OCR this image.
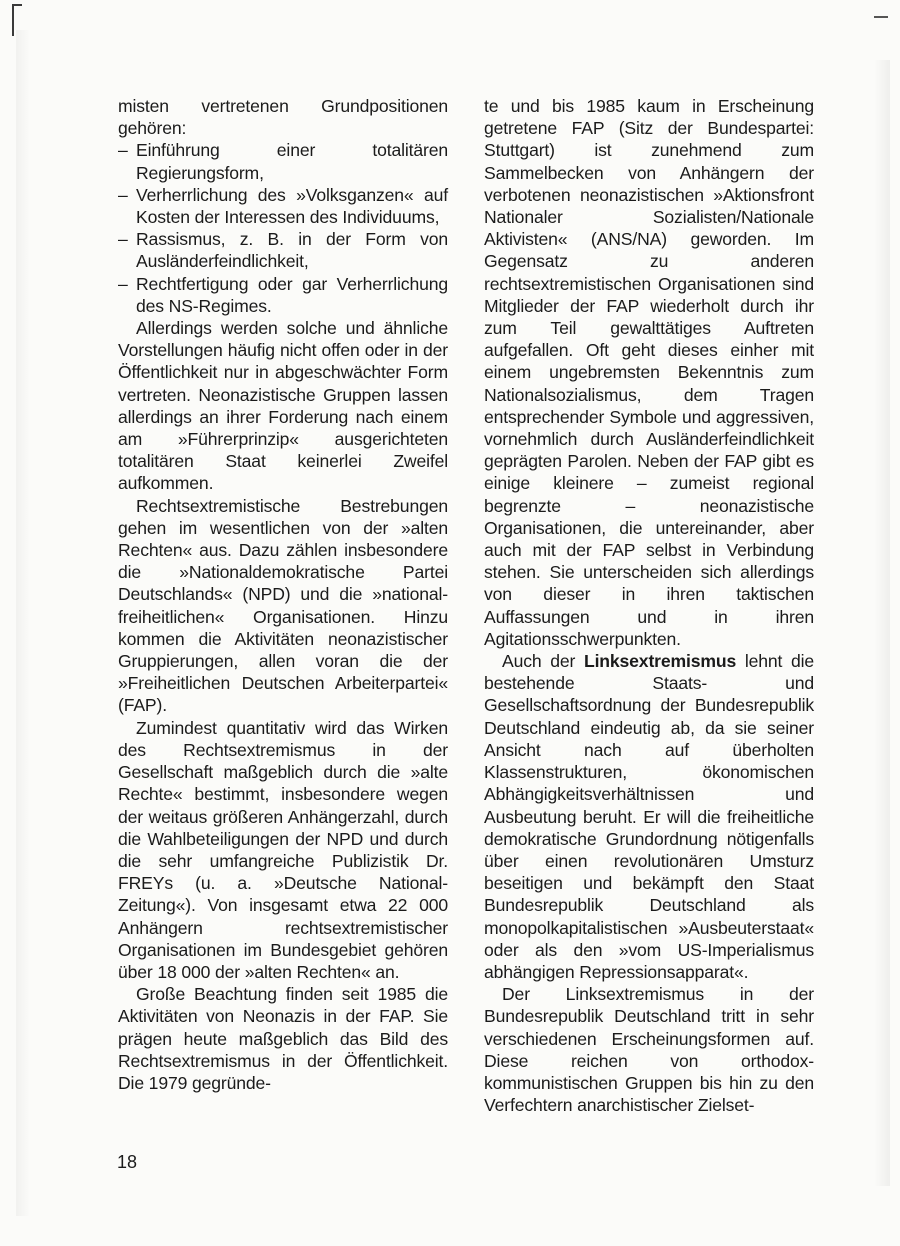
misten vertretenen Grundpositionen gehören:

– Einführung einer totalitären Regierungsform,

– Verherrlichung des »Volksganzen« auf Kosten der Interessen des Individuums,

– Rassismus, z. B. in der Form von Ausländerfeindlichkeit,

– Rechtfertigung oder gar Verherrlichung des NS-Regimes.

Allerdings werden solche und ähnliche Vorstellungen häufig nicht offen oder in der Öffentlichkeit nur in abgeschwächter Form vertreten. Neonazistische Gruppen lassen allerdings an ihrer Forderung nach einem am »Führerprinzip« ausgerichteten totalitären Staat keinerlei Zweifel aufkommen.

Rechtsextremistische Bestrebungen gehen im wesentlichen von der »alten Rechten« aus. Dazu zählen insbesondere die »Nationaldemokratische Partei Deutschlands« (NPD) und die »national-freiheitlichen« Organisationen. Hinzu kommen die Aktivitäten neonazistischer Gruppierungen, allen voran die der »Freiheitlichen Deutschen Arbeiterpartei« (FAP).

Zumindest quantitativ wird das Wirken des Rechtsextremismus in der Gesellschaft maßgeblich durch die »alte Rechte« bestimmt, insbesondere wegen der weitaus größeren Anhängerzahl, durch die Wahlbeteiligungen der NPD und durch die sehr umfangreiche Publizistik Dr. FREYs (u. a. »Deutsche National-Zeitung«). Von insgesamt etwa 22 000 Anhängern rechtsextremistischer Organisationen im Bundesgebiet gehören über 18 000 der »alten Rechten« an.

Große Beachtung finden seit 1985 die Aktivitäten von Neonazis in der FAP. Sie prägen heute maßgeblich das Bild des Rechtsextremismus in der Öffentlichkeit. Die 1979 gegründe-

te und bis 1985 kaum in Erscheinung getretene FAP (Sitz der Bundespartei: Stuttgart) ist zunehmend zum Sammelbecken von Anhängern der verbotenen neonazistischen »Aktionsfront Nationaler Sozialisten/Nationale Aktivisten« (ANS/NA) geworden. Im Gegensatz zu anderen rechtsextremistischen Organisationen sind Mitglieder der FAP wiederholt durch ihr zum Teil gewalttätiges Auftreten aufgefallen. Oft geht dieses einher mit einem ungebremsten Bekenntnis zum Nationalsozialismus, dem Tragen entsprechender Symbole und aggressiven, vornehmlich durch Ausländerfeindlichkeit geprägten Parolen. Neben der FAP gibt es einige kleinere – zumeist regional begrenzte – neonazistische Organisationen, die untereinander, aber auch mit der FAP selbst in Verbindung stehen. Sie unterscheiden sich allerdings von dieser in ihren taktischen Auffassungen und in ihren Agitationsschwerpunkten.

Auch der Linksextremismus lehnt die bestehende Staats- und Gesellschaftsordnung der Bundesrepublik Deutschland eindeutig ab, da sie seiner Ansicht nach auf überholten Klassenstrukturen, ökonomischen Abhängigkeitsverhältnissen und Ausbeutung beruht. Er will die freiheitliche demokratische Grundordnung nötigenfalls über einen revolutionären Umsturz beseitigen und bekämpft den Staat Bundesrepublik Deutschland als monopolkapitalistischen »Ausbeuterstaat« oder als den »vom US-Imperialismus abhängigen Repressionsapparat«.

Der Linksextremismus in der Bundesrepublik Deutschland tritt in sehr verschiedenen Erscheinungsformen auf. Diese reichen von orthodox-kommunistischen Gruppen bis hin zu den Verfechtern anarchistischer Zielset-

18
